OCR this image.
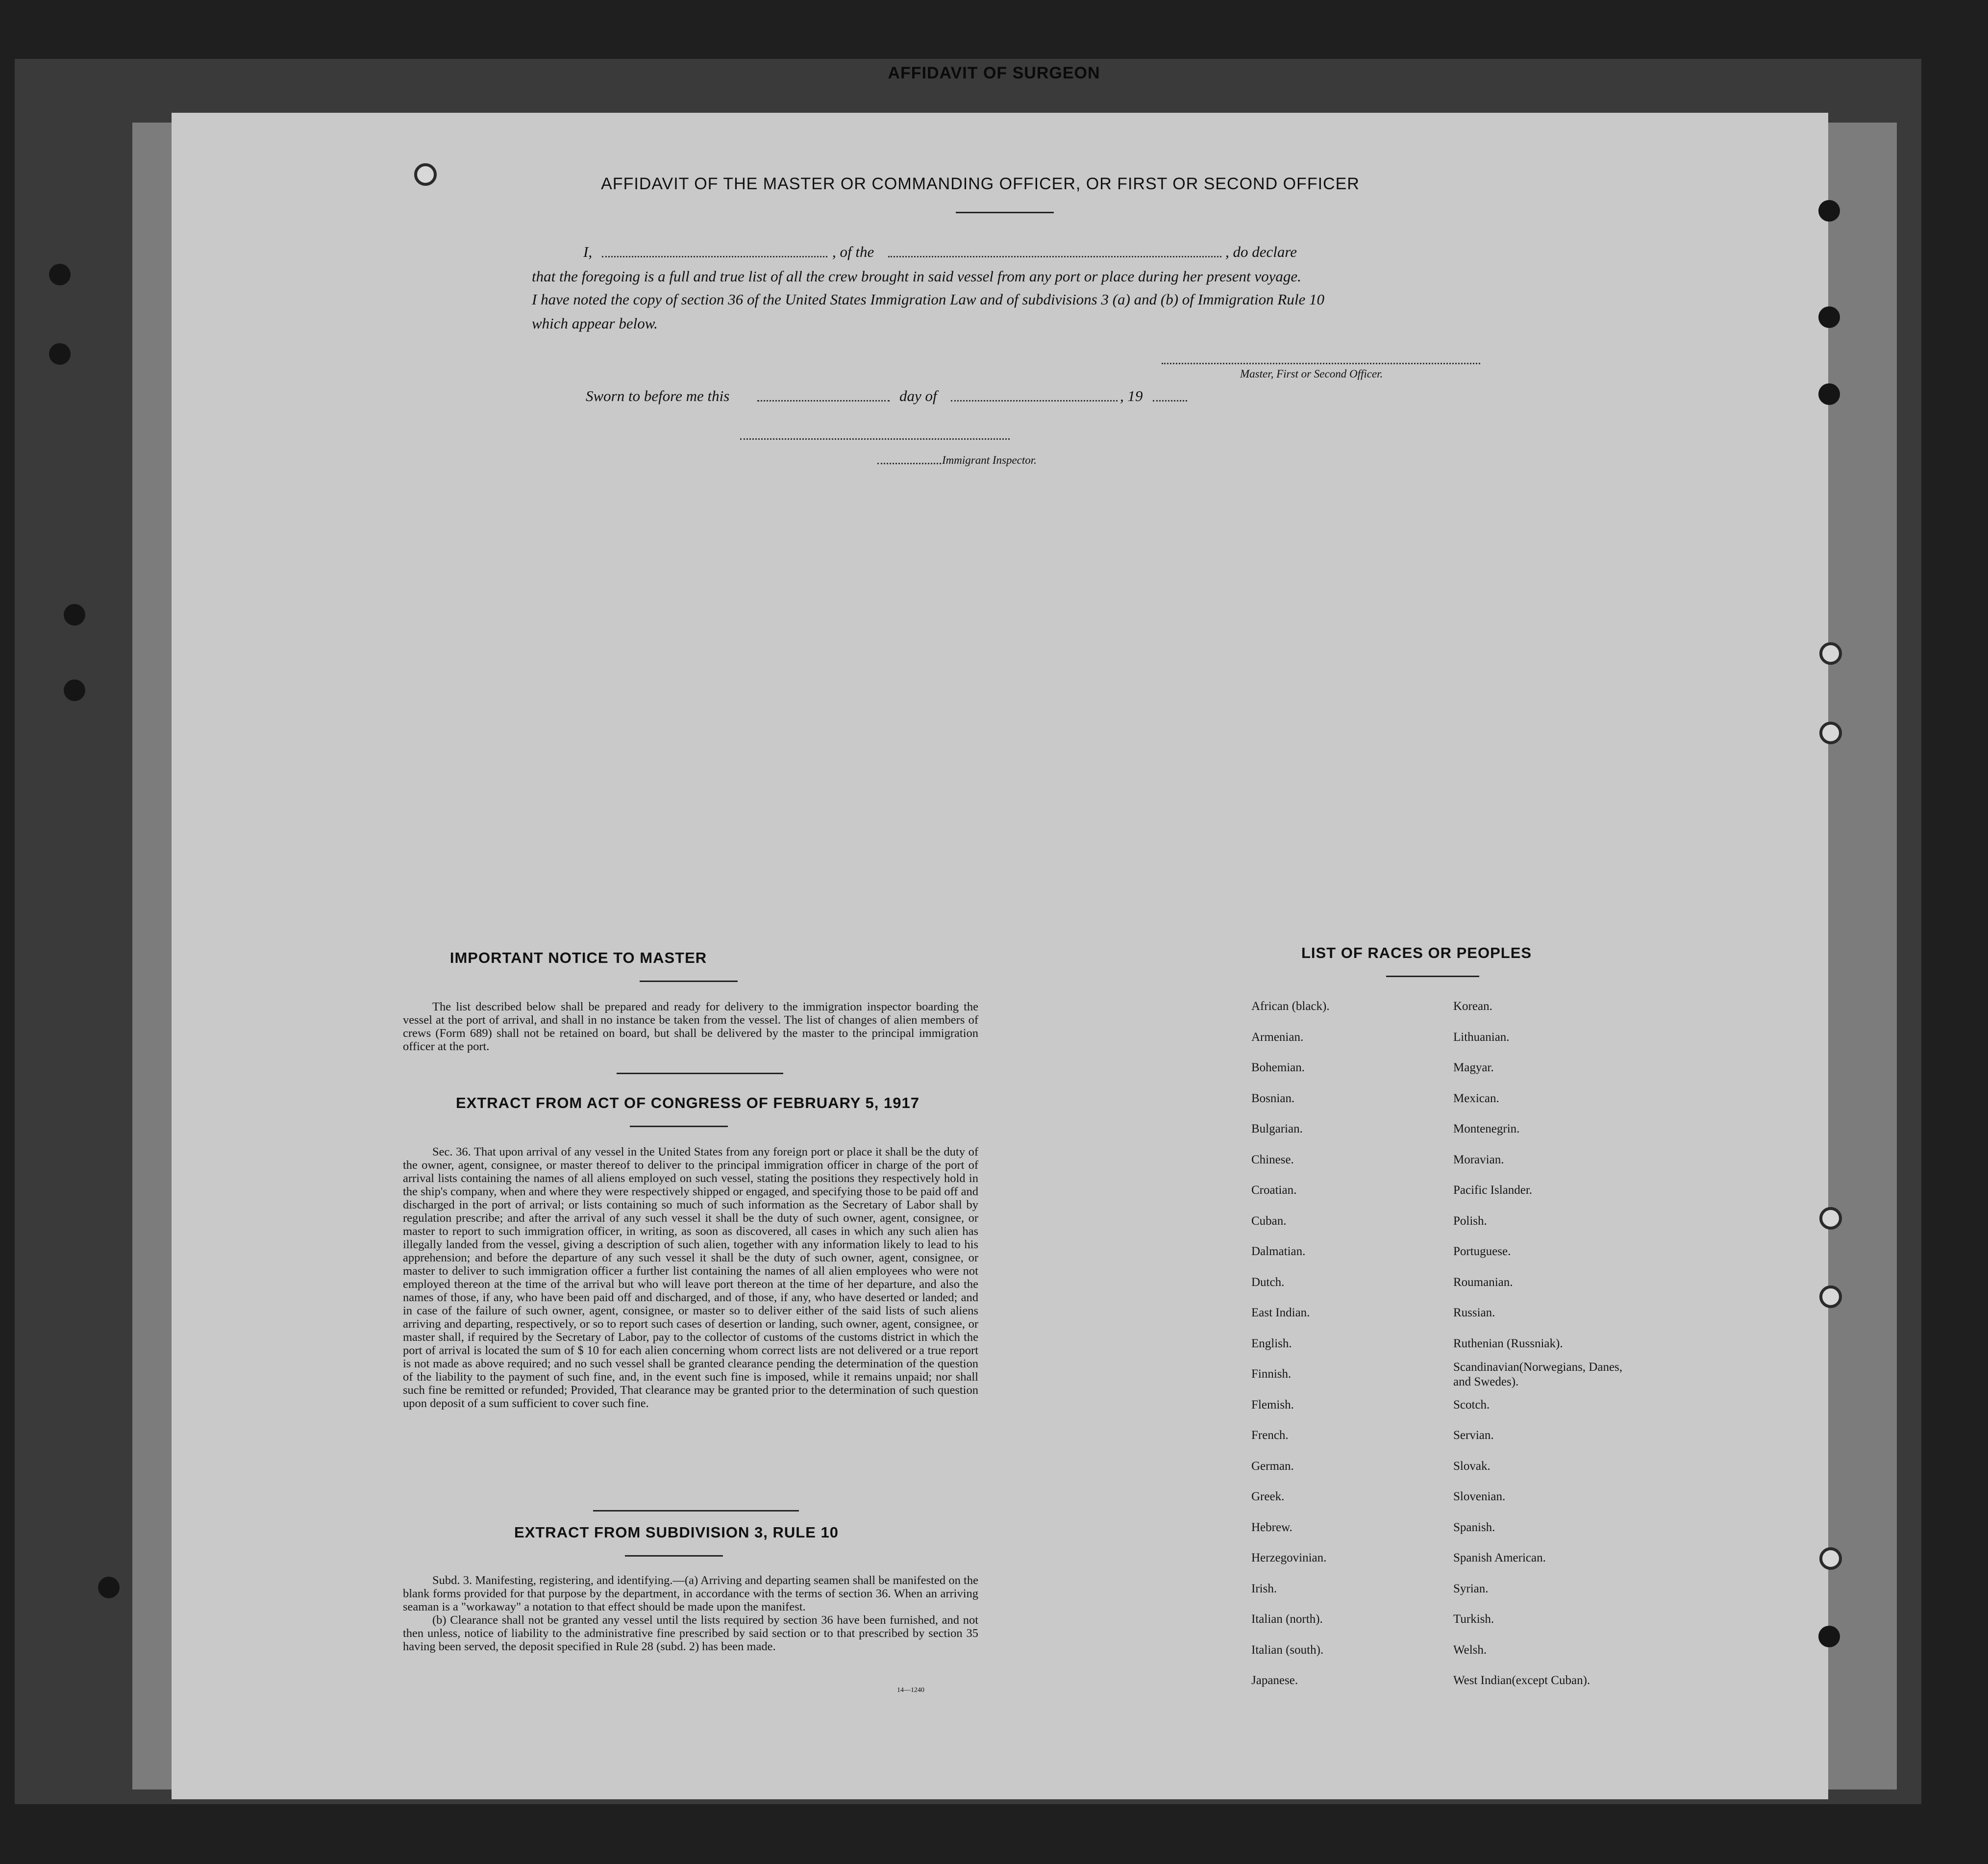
AFFIDAVIT OF SURGEON
AFFIDAVIT OF THE MASTER OR COMMANDING OFFICER, OR FIRST OR SECOND OFFICER
I,	, of the	, do declare
that the foregoing is a full and true list of all the crew brought in said vessel from any port or place during her present voyage.
I have noted the copy of section 36 of the United States Immigration Law and of subdivisions 3 (a) and (b) of Immigration Rule 10
which appear below.
Master, First or Second Officer.
Sworn to before me this	day of	, 19
Immigrant Inspector.
IMPORTANT NOTICE TO MASTER

The list described below shall be prepared and ready for delivery to the immigration inspector boarding the vessel at the port of arrival, and shall in no instance be taken from the vessel. The list of changes of alien members of crews (Form 689) shall not be retained on board, but shall be delivered by the master to the principal immigration officer at the port.

EXTRACT FROM ACT OF CONGRESS OF FEBRUARY 5, 1917

Sec. 36. That upon arrival of any vessel in the United States from any foreign port or place it shall be the duty of the owner, agent, consignee, or master thereof to deliver to the principal immigration officer in charge of the port of arrival lists containing the names of all aliens employed on such vessel, stating the positions they respectively hold in the ship's company, when and where they were respectively shipped or engaged, and specifying those to be paid off and discharged in the port of arrival; or lists containing so much of such information as the Secretary of Labor shall by regulation prescribe; and after the arrival of any such vessel it shall be the duty of such owner, agent, consignee, or master to report to such immigration officer, in writing, as soon as discovered, all cases in which any such alien has illegally landed from the vessel, giving a description of such alien, together with any information likely to lead to his apprehension; and before the departure of any such vessel it shall be the duty of such owner, agent, consignee, or master to deliver to such immigration officer a further list containing the names of all alien employees who were not employed thereon at the time of the arrival but who will leave port thereon at the time of her departure, and also the names of those, if any, who have been paid off and discharged, and of those, if any, who have deserted or landed; and in case of the failure of such owner, agent, consignee, or master so to deliver either of the said lists of such aliens arriving and departing, respectively, or so to report such cases of desertion or landing, such owner, agent, consignee, or master shall, if required by the Secretary of Labor, pay to the collector of customs of the customs district in which the port of arrival is located the sum of $ 10 for each alien concerning whom correct lists are not delivered or a true report is not made as above required; and no such vessel shall be granted clearance pending the determination of the question of the liability to the payment of such fine, and, in the event such fine is imposed, while it remains unpaid; nor shall such fine be remitted or refunded; Provided, That clearance may be granted prior to the determination of such question upon deposit of a sum sufficient to cover such fine.

EXTRACT FROM SUBDIVISION 3, RULE 10

Subd. 3. Manifesting, registering, and identifying.—(a) Arriving and departing seamen shall be manifested on the blank forms provided for that purpose by the department, in accordance with the terms of section 36. When an arriving seaman is a "workaway" a notation to that effect should be made upon the manifest.

(b) Clearance shall not be granted any vessel until the lists required by section 36 have been furnished, and not then unless, notice of liability to the administrative fine prescribed by said section or to that prescribed by section 35 having been served, the deposit specified in Rule 28 (subd. 2) has been made.

14—1240
LIST OF RACES OR PEOPLES
African (black).
Armenian.
Bohemian.
Bosnian.
Bulgarian.
Chinese.
Croatian.
Cuban.
Dalmatian.
Dutch.
East Indian.
English.
Finnish.
Flemish.
French.
German.
Greek.
Hebrew.
Herzegovinian.
Irish.
Italian (north).
Italian (south).
Japanese.
Korean.
Lithuanian.
Magyar.
Mexican.
Montenegrin.
Moravian.
Pacific Islander.
Polish.
Portuguese.
Roumanian.
Russian.
Ruthenian (Russniak).
Scandinavian(Norwegians, Danes, and Swedes).
Scotch.
Servian.
Slovak.
Slovenian.
Spanish.
Spanish American.
Syrian.
Turkish.
Welsh.
West Indian(except Cuban).
